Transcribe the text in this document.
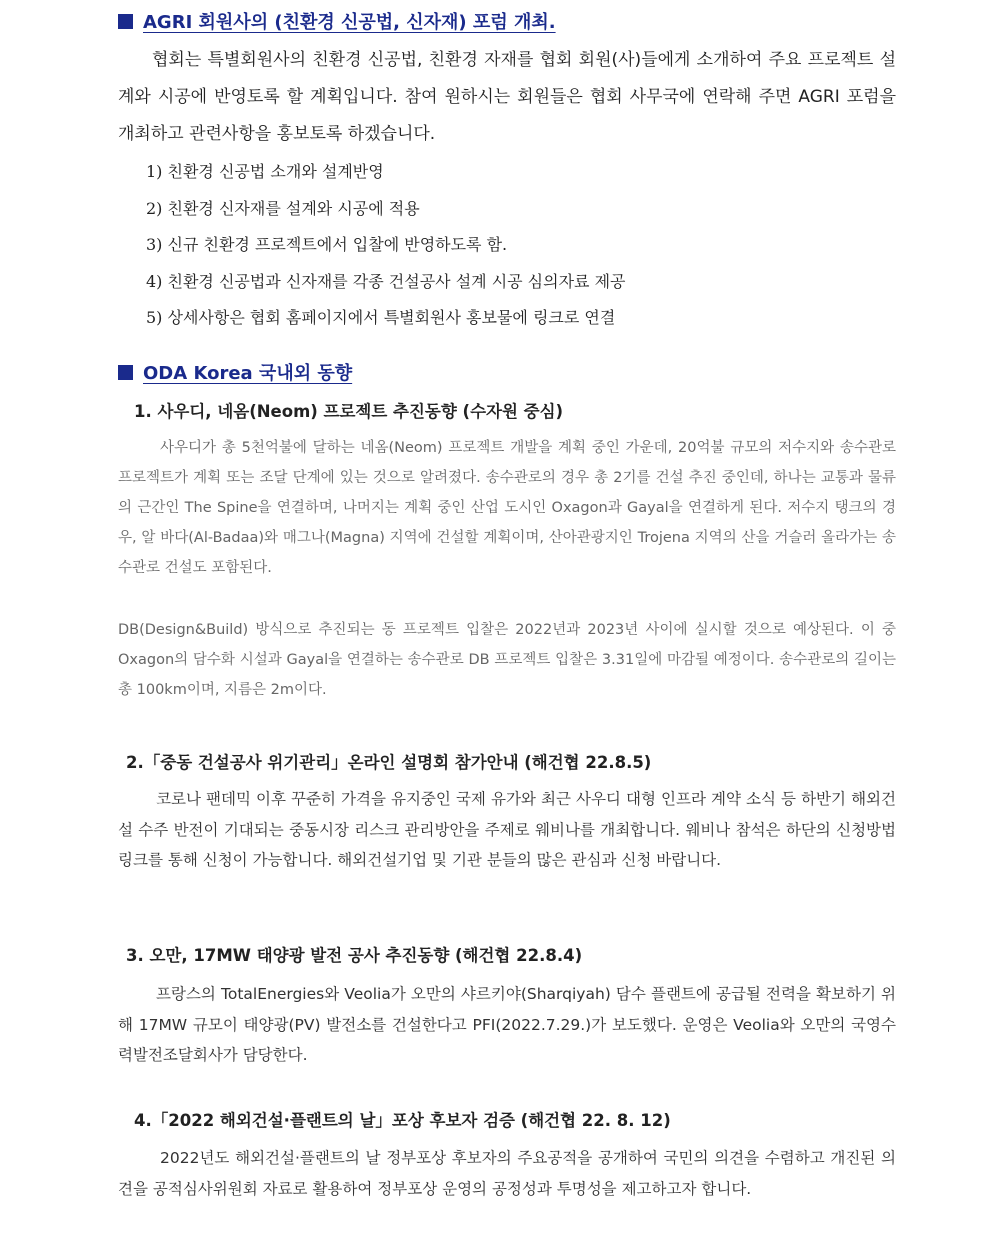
AGRI 회원사의 (친환경 신공법, 신자재) 포럼 개최.
협회는 특별회원사의 친환경 신공법, 친환경 자재를 협회 회원(사)들에게 소개하여 주요 프로젝트 설계와 시공에 반영토록 할 계획입니다. 참여 원하시는 회원들은 협회 사무국에 연락해 주면 AGRI 포럼을 개최하고 관련사항을 홍보토록 하겠습니다.
1) 친환경 신공법 소개와 설계반영
2) 친환경 신자재를 설계와 시공에 적용
3) 신규 친환경 프로젝트에서 입찰에 반영하도록 함.
4) 친환경 신공법과 신자재를 각종 건설공사 설계 시공 심의자료 제공
5) 상세사항은 협회 홈페이지에서 특별회원사 홍보물에 링크로 연결
ODA Korea 국내외 동향
1. 사우디, 네옴(Neom) 프로젝트 추진동향 (수자원 중심)
사우디가 총 5천억불에 달하는 네옴(Neom) 프로젝트 개발을 계획 중인 가운데, 20억불 규모의 저수지와 송수관로 프로젝트가 계획 또는 조달 단계에 있는 것으로 알려졌다. 송수관로의 경우 총 2기를 건설 추진 중인데, 하나는 교통과 물류의 근간인 The Spine을 연결하며, 나머지는 계획 중인 산업 도시인 Oxagon과 Gayal을 연결하게 된다. 저수지 탱크의 경우, 알 바다(Al-Badaa)와 매그나(Magna) 지역에 건설할 계획이며, 산아관광지인 Trojena 지역의 산을 거슬러 올라가는 송수관로 건설도 포함된다.
DB(Design&Build) 방식으로 추진되는 동 프로젝트 입찰은 2022년과 2023년 사이에 실시할 것으로 예상된다. 이 중 Oxagon의 담수화 시설과 Gayal을 연결하는 송수관로 DB 프로젝트 입찰은 3.31일에 마감될 예정이다. 송수관로의 길이는 총 100km이며, 지름은 2m이다.
2.「중동 건설공사 위기관리」온라인 설명회 참가안내 (해건협 22.8.5)
코로나 팬데믹 이후 꾸준히 가격을 유지중인 국제 유가와 최근 사우디 대형 인프라 계약 소식 등 하반기 해외건설 수주 반전이 기대되는 중동시장 리스크 관리방안을 주제로 웨비나를 개최합니다. 웨비나 참석은 하단의 신청방법 링크를 통해 신청이 가능합니다. 해외건설기업 및 기관 분들의 많은 관심과 신청 바랍니다.
3. 오만, 17MW 태양광 발전 공사 추진동향 (해건협 22.8.4)
프랑스의 TotalEnergies와 Veolia가 오만의 샤르키야(Sharqiyah) 담수 플랜트에 공급될 전력을 확보하기 위해 17MW 규모이 태양광(PV) 발전소를 건설한다고 PFI(2022.7.29.)가 보도했다. 운영은 Veolia와 오만의 국영수력발전조달회사가 담당한다.
4.「2022 해외건설·플랜트의 날」포상 후보자 검증 (해건협 22. 8. 12)
2022년도 해외건설·플랜트의 날 정부포상 후보자의 주요공적을 공개하여 국민의 의견을 수렴하고 개진된 의견을 공적심사위원회 자료로 활용하여 정부포상 운영의 공정성과 투명성을 제고하고자 합니다.
